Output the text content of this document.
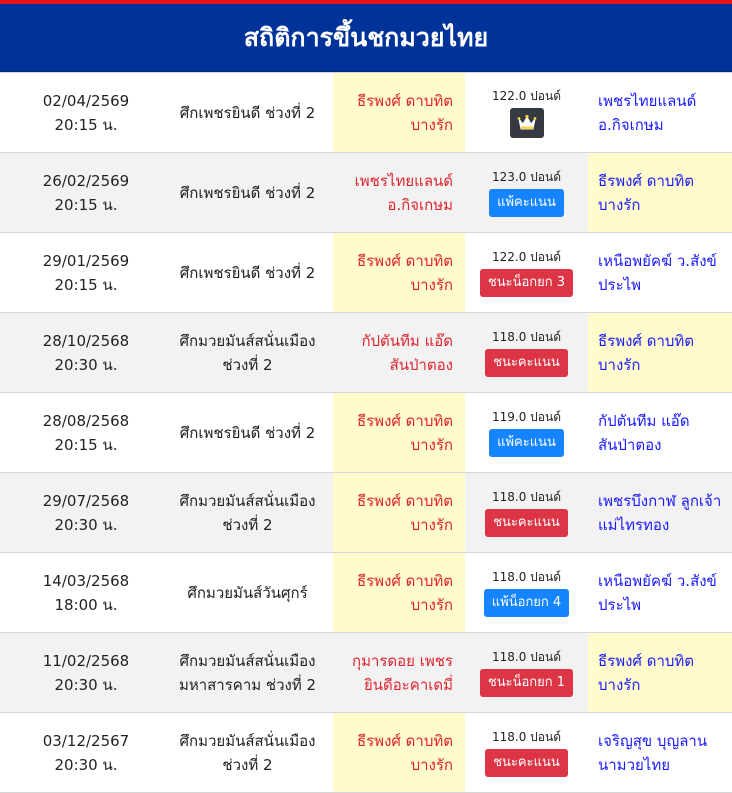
สถิติการขึ้นชกมวยไทย
02/04/2569 20:15 น.
ศึกเพชรยินดี ช่วงที่ 2
ธีรพงศ์ ดาบทิต บางรัก
122.0 ปอนด์	เพชรไทยแลนด์ อ.กิจเกษม
26/02/2569 20:15 น.
ศึกเพชรยินดี ช่วงที่ 2
เพชรไทยแลนด์ อ.กิจเกษม
123.0 ปอนด์
แพ้คะแนน
ธีรพงศ์ ดาบทิต บางรัก
29/01/2569 20:15 น.
ศึกเพชรยินดี ช่วงที่ 2
ธีรพงศ์ ดาบทิต บางรัก
122.0 ปอนด์
ชนะน็อกยก 3
เหนือพยัคฆ์ ว.สังข์ประไพ
28/10/2568 20:30 น.
ศึกมวยมันส์สนั่นเมือง ช่วงที่ 2
กัปตันทีม แอ๊ด สันป่าตอง
118.0 ปอนด์
ชนะคะแนน
ธีรพงศ์ ดาบทิต บางรัก
28/08/2568 20:15 น.
ศึกเพชรยินดี ช่วงที่ 2
ธีรพงศ์ ดาบทิต บางรัก
119.0 ปอนด์
แพ้คะแนน
กัปตันทีม แอ๊ด สันป่าตอง
29/07/2568 20:30 น.
ศึกมวยมันส์สนั่นเมือง ช่วงที่ 2
ธีรพงศ์ ดาบทิต บางรัก
118.0 ปอนด์
ชนะคะแนน
เพชรบึงกาฬ ลูกเจ้าแม่ไทรทอง
14/03/2568 18:00 น.
ศึกมวยมันส์วันศุกร์
ธีรพงศ์ ดาบทิต บางรัก
118.0 ปอนด์
แพ้น็อกยก 4
เหนือพยัคฆ์ ว.สังข์ประไพ
11/02/2568 20:30 น.
ศึกมวยมันส์สนั่นเมือง มหาสารคาม ช่วงที่ 2
กุมารดอย เพชรยินดีอะคาเดมี่
118.0 ปอนด์
ชนะน็อกยก 1
ธีรพงศ์ ดาบทิต บางรัก
03/12/2567 20:30 น.
ศึกมวยมันส์สนั่นเมือง ช่วงที่ 2
ธีรพงศ์ ดาบทิต บางรัก
118.0 ปอนด์
ชนะคะแนน
เจริญสุข บุญลานนามวยไทย
